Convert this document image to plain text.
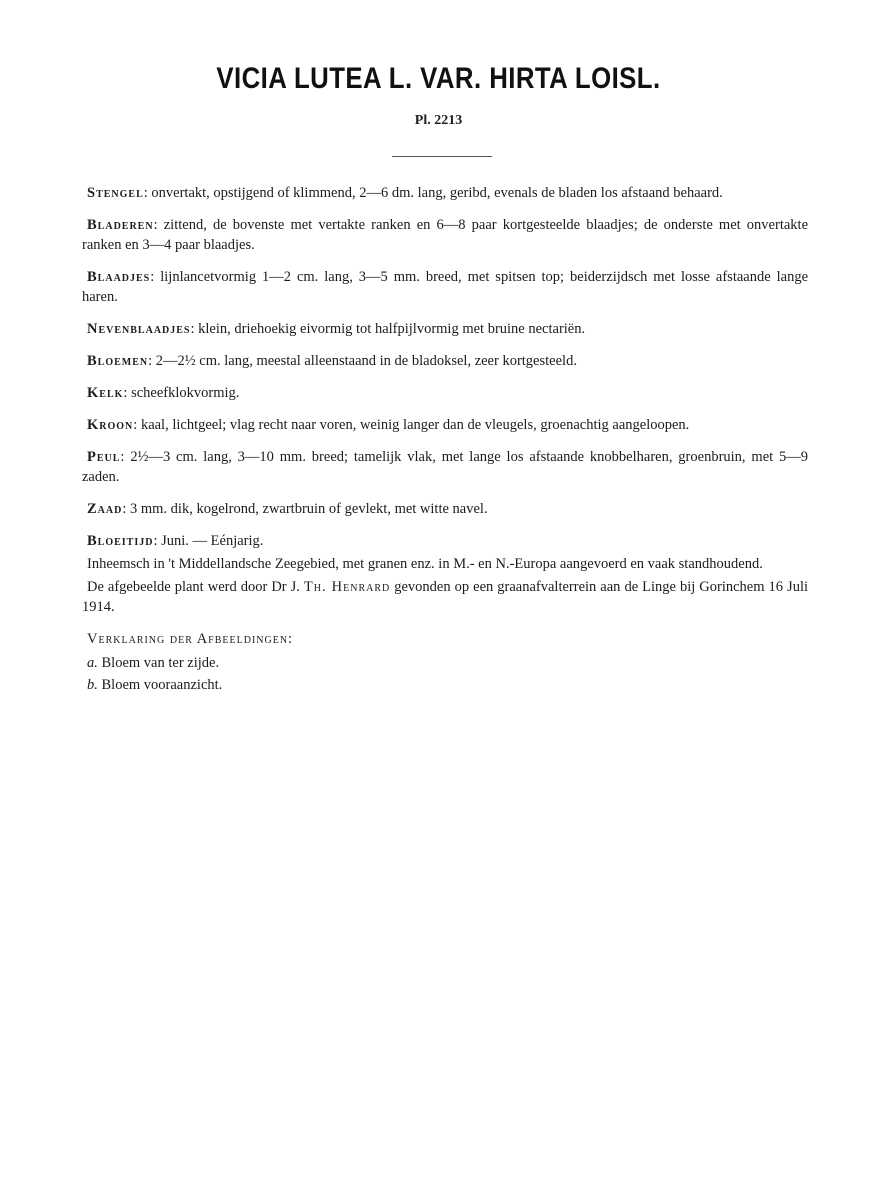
VICIA LUTEA L. VAR. HIRTA LOISL.
Pl. 2213

Stengel: onvertakt, opstijgend of klimmend, 2—6 dm. lang, geribd, evenals de bladen los afstaand behaard.

Bladeren: zittend, de bovenste met vertakte ranken en 6—8 paar kortgesteelde blaadjes; de onderste met onvertakte ranken en 3—4 paar blaadjes.

Blaadjes: lijnlancetvormig 1—2 cm. lang, 3—5 mm. breed, met spitsen top; beiderzijdsch met losse afstaande lange haren.

Nevenblaadjes: klein, driehoekig eivormig tot halfpijlvormig met bruine nectariën.

Bloemen: 2—2½ cm. lang, meestal alleenstaand in de bladoksel, zeer kortgesteeld.

Kelk: scheefklokvormig.

Kroon: kaal, lichtgeel; vlag recht naar voren, weinig langer dan de vleugels, groenachtig aangeloopen.

Peul: 2½—3 cm. lang, 3—10 mm. breed; tamelijk vlak, met lange los afstaande knobbelharen, groenbruin, met 5—9 zaden.

Zaad: 3 mm. dik, kogelrond, zwartbruin of gevlekt, met witte navel.

Bloeitijd: Juni. — Eénjarig.

Inheemsch in 't Middellandsche Zeegebied, met granen enz. in M.- en N.-Europa aangevoerd en vaak standhoudend.

De afgebeelde plant werd door Dr J. Th. Henrard gevonden op een graanafvalterrein aan de Linge bij Gorinchem 16 Juli 1914.

Verklaring der Afbeeldingen:
a. Bloem van ter zijde.
b. Bloem vooraanzicht.
